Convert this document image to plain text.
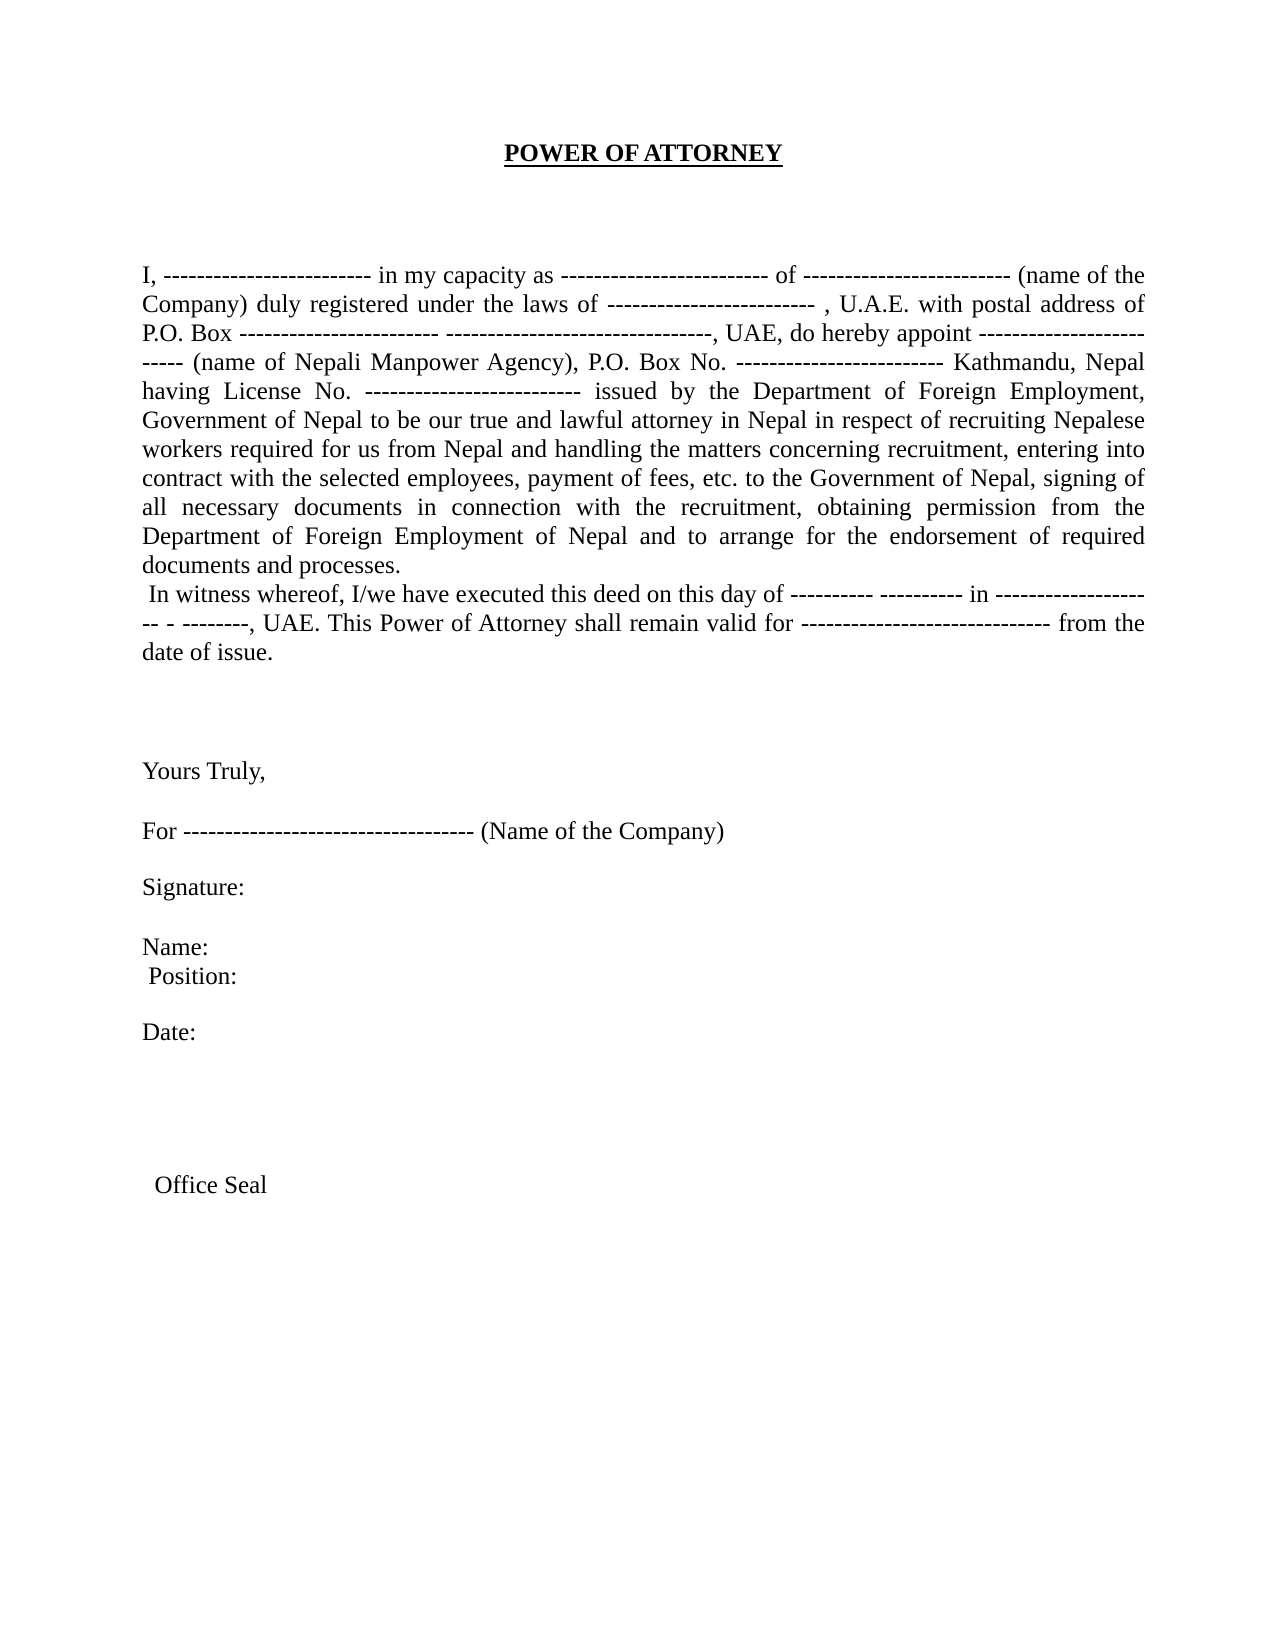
POWER OF ATTORNEY

I, ------------------------- in my capacity as ------------------------- of ------------------------- (name of the Company) duly registered under the laws of ------------------------- , U.A.E. with postal address of P.O. Box ------------------------ --------------------------------, UAE, do hereby appoint ------------------------- (name of Nepali Manpower Agency), P.O. Box No. ------------------------- Kathmandu, Nepal having License No. -------------------------- issued by the Department of Foreign Employment, Government of Nepal to be our true and lawful attorney in Nepal in respect of recruiting Nepalese workers required for us from Nepal and handling the matters concerning recruitment, entering into contract with the selected employees, payment of fees, etc. to the Government of Nepal, signing of all necessary documents in connection with the recruitment, obtaining permission from the Department of Foreign Employment of Nepal and to arrange for the endorsement of required documents and processes.

In witness whereof, I/we have executed this deed on this day of ---------- ---------- in -------------------- - --------, UAE. This Power of Attorney shall remain valid for ------------------------------ from the date of issue.

Yours Truly,

For ----------------------------------- (Name of the Company)

Signature:

Name:

Position:

Date:

Office Seal
